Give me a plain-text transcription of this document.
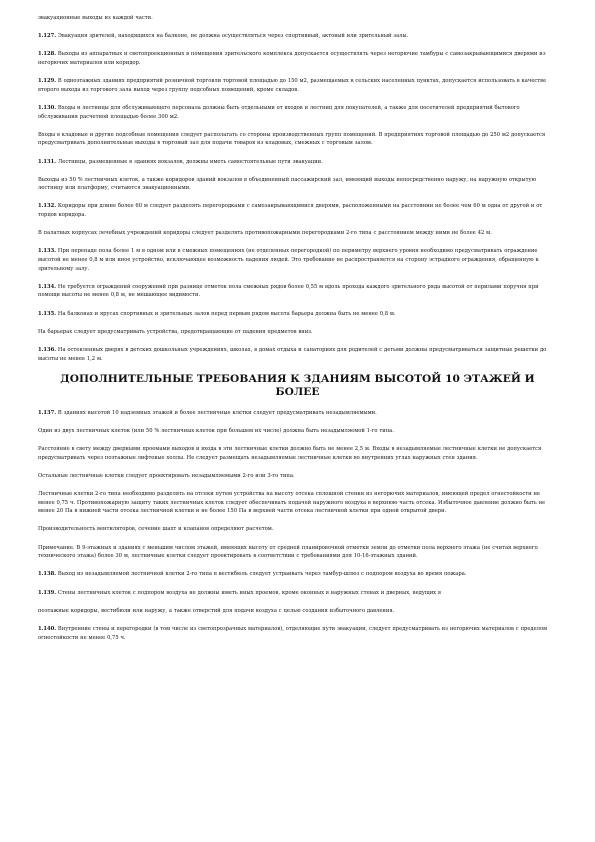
эвакуационные выходы из каждой части.
1.127. Эвакуация зрителей, находящихся на балконе, не должна осуществляться через спортивный, актовый или зрительный залы.
1.128. Выходы из аппаратных и светопроекционных в помещения зрительского комплекса допускается осуществлять через негорючие тамбуры с самозакрывающимися дверями из негорючих материалов или коридор.
1.129. В одноэтажных зданиях предприятий розничной торговли торговой площадью до 150 м2, размещаемых в сельских населенных пунктах, допускается использовать в качестве второго выхода из торгового зала выход через группу подсобных помещений, кроме складов.
1.130. Входы и лестницы для обслуживающего персонала должны быть отдельными от входов и лестниц для покупателей, а также для посетителей предприятий бытового обслуживания расчетной площадью более 300 м2.
Входы в кладовые и другие подсобные помещения следует располагать со стороны производственных групп помещений. В предприятиях торговой площадью до 250 м2 допускается предусматривать дополнительные выходы в торговый зал для подачи товаров из кладовых, смежных с торговым залом.
1.131. Лестницы, размещенные в зданиях вокзалов, должны иметь самостоятельные пути эвакуации.
Выходы из 50 % лестничных клеток, а также коридоров зданий вокзалов в объединенный пассажирский зал, имеющий выходы непосредственно наружу, на наружную открытую лестницу или платформу, считаются эвакуационными.
1.132. Коридоры при длине более 60 м следует разделять перегородками с самозакрывающимися дверями, расположенными на расстоянии не более чем 60 м одна от другой и от торцов коридора.
В палатных корпусах лечебных учреждений коридоры следует разделять противопожарными перегородками 2-го типа с расстоянием между ними не более 42 м.
1.133. При перепаде пола более 1 м в одном или в смежных помещениях (не отделенных перегородкой) по периметру верхнего уровня необходимо предусматривать ограждение высотой не менее 0,8 м или иное устройство, исключающее возможность падения людей. Это требование не распространяется на сторону эстрадного ограждения, обращенную к зрительному залу.
1.134. Не требуется ограждений сооружений при разнице отметок пола смежных рядов более 0,55 м вдоль прохода каждого зрительного ряда высотой от перилами поручня при помощи высоты не менее 0,8 м, не мешающее видимости.
1.135. На балконах и ярусах спортивных и зрительных залов перед первым рядом высота барьера должна быть не менее 0,8 м.
На барьерах следует предусматривать устройства, предотвращающие от падения предметов вниз.
1.136. На остекленных дверях в детских дошкольных учреждениях, школах, в домах отдыха и санаториях для родителей с детьми должны предусматриваться защитные решетки до высоты не менее 1,2 м.
ДОПОЛНИТЕЛЬНЫЕ ТРЕБОВАНИЯ К ЗДАНИЯМ ВЫСОТОЙ 10 ЭТАЖЕЙ И БОЛЕЕ
1.137. В зданиях высотой 10 надземных этажей и более лестничные клетки следует предусматривать незадымляемыми.
Один из двух лестничных клеток (или 50 % лестничных клеток при большем их числе) должна быть незадымляемой 1-го типа.
Расстояние в свету между дверными проемами выходов и входа в эти лестничные клетки должно быть не менее 2,5 м. Входы в незадымляемые лестничные клетки не допускается предусматривать через поэтажные лифтовые холлы. Не следует размещать незадымляемые лестничные клетки во внутренних углах наружных стен здания.
Остальные лестничные клетки следует проектировать незадымляемыми 2-го или 3-го типа.
Лестничные клетки 2-го типа необходимо разделять на отсеки путем устройства на высоту отсека сплошной стенки из негорючих материалов, имеющей предел огнестойкости не менее 0,75 ч. Противопожарную защиту таких лестничных клеток следует обеспечивать подачей наружного воздуха в верхнюю часть отсека. Избыточное давление должно быть не менее 20 Па в нижней части отсека лестничной клетки и не более 150 Па в верхней части отсека лестничной клетки при одной открытой двери.
Производительность вентиляторов, сечение шахт и клапанов определяют расчетом.
Примечание. В 9-этажных и зданиях с меньшим числом этажей, имеющих высоту от средней планировочной отметки земли до отметки пола верхнего этажа (не считая верхнего технического этажа) более 30 м, лестничные клетки следует проектировать в соответствии с требованиями для 10-16-этажных зданий.
1.138. Выход из незадымляемой лестничной клетки 2-го типа в вестибюль следует устраивать через тамбур-шлюз с подпором воздуха во время пожара.
1.139. Стены лестничных клеток с подпором воздуха не должны иметь иных проемов, кроме оконных в наружных стенах и дверных, ведущих в
поэтажные коридоры, вестибюли или наружу, а также отверстий для подачи воздуха с целью создания избыточного давления.
1.140. Внутренние стены и перегородки (в том числе из светопрозрачных материалов), отделяющие пути эвакуации, следует предусматривать из негорючих материалов с пределом огнестойкости не менее 0,75 ч.
